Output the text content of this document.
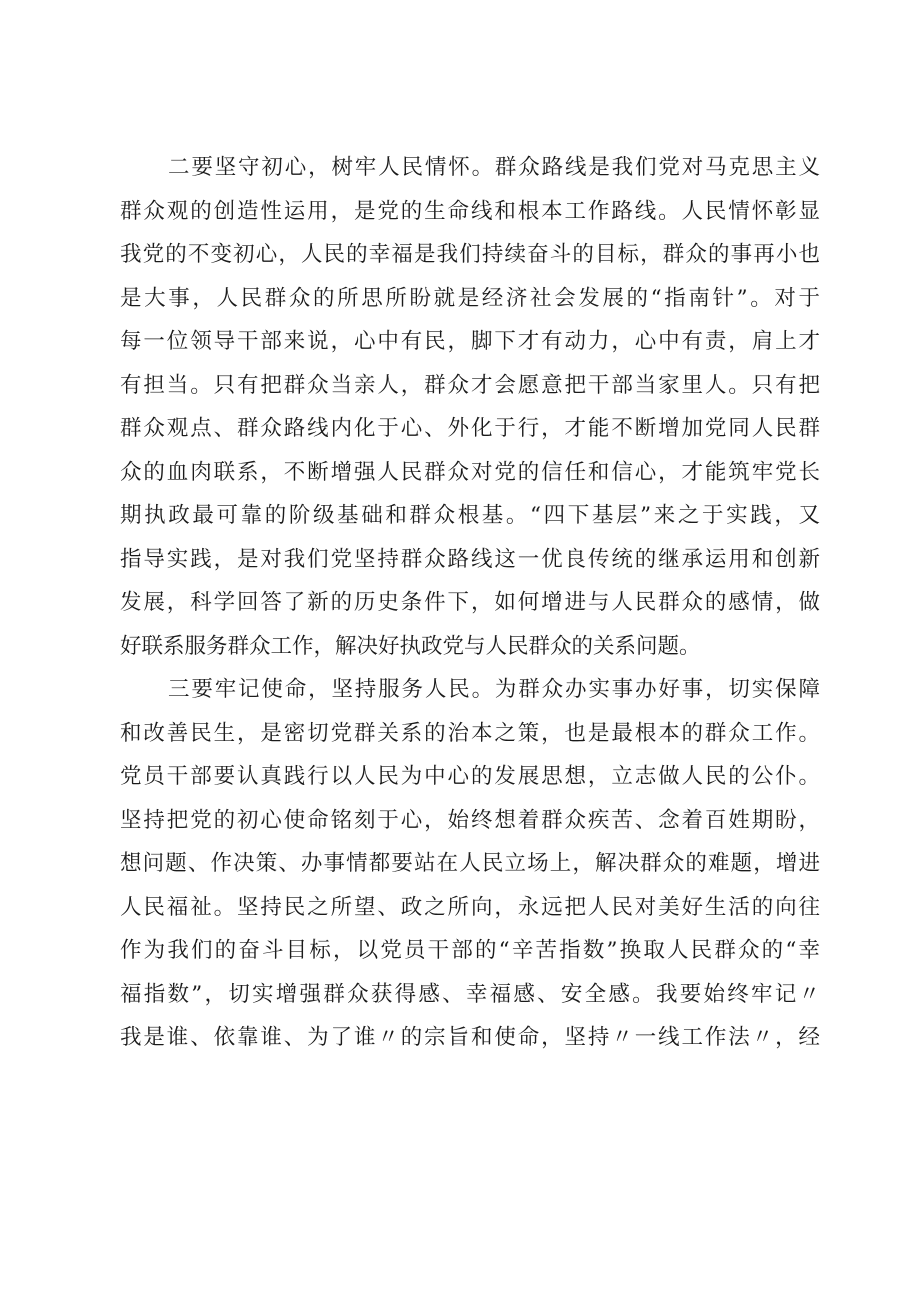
二要坚守初心，树牢人民情怀。群众路线是我们党对马克思主义
群众观的创造性运用，是党的生命线和根本工作路线。人民情怀彰显
我党的不变初心，人民的幸福是我们持续奋斗的目标，群众的事再小也
是大事，人民群众的所思所盼就是经济社会发展的“指南针”。对于
每一位领导干部来说，心中有民，脚下才有动力，心中有责，肩上才
有担当。只有把群众当亲人，群众才会愿意把干部当家里人。只有把
群众观点、群众路线内化于心、外化于行，才能不断增加党同人民群
众的血肉联系，不断增强人民群众对党的信任和信心，才能筑牢党长
期执政最可靠的阶级基础和群众根基。“四下基层”来之于实践，又
指导实践，是对我们党坚持群众路线这一优良传统的继承运用和创新
发展，科学回答了新的历史条件下，如何增进与人民群众的感情，做
好联系服务群众工作，解决好执政党与人民群众的关系问题。
三要牢记使命，坚持服务人民。为群众办实事办好事，切实保障
和改善民生，是密切党群关系的治本之策，也是最根本的群众工作。
党员干部要认真践行以人民为中心的发展思想，立志做人民的公仆。
坚持把党的初心使命铭刻于心，始终想着群众疾苦、念着百姓期盼，
想问题、作决策、办事情都要站在人民立场上，解决群众的难题，增进
人民福祉。坚持民之所望、政之所向，永远把人民对美好生活的向往
作为我们的奋斗目标，以党员干部的“辛苦指数”换取人民群众的“幸
福指数”，切实增强群众获得感、幸福感、安全感。我要始终牢记〃
我是谁、依靠谁、为了谁〃的宗旨和使命，坚持〃一线工作法〃，经
